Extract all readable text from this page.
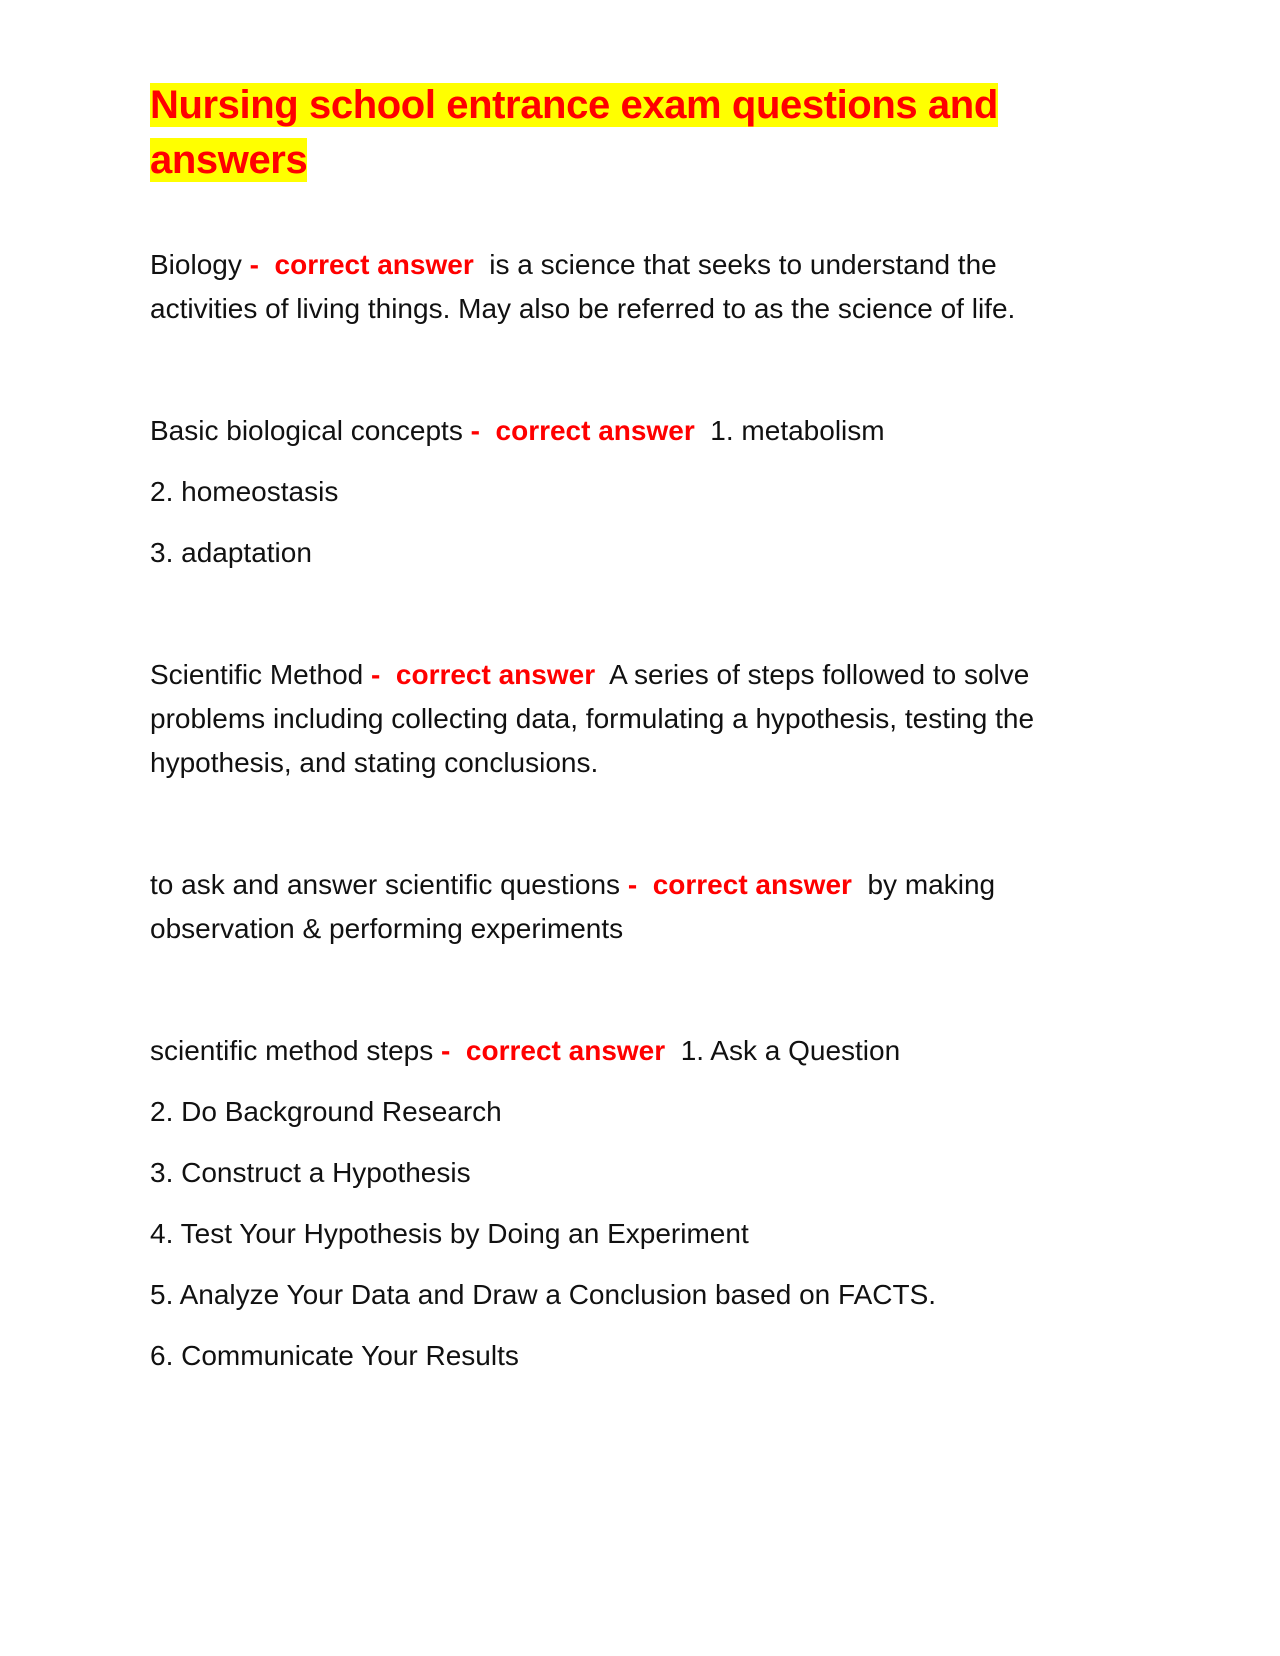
Nursing school entrance exam questions and
answers

Biology - correct answer is a science that seeks to understand the

activities of living things. May also be referred to as the science of life.

Basic biological concepts - correct answer 1. metabolism

2. homeostasis

3. adaptation

Scientific Method - correct answer A series of steps followed to solve

problems including collecting data, formulating a hypothesis, testing the

hypothesis, and stating conclusions.

to ask and answer scientific questions - correct answer by making

observation & performing experiments

scientific method steps - correct answer 1. Ask a Question

2. Do Background Research

3. Construct a Hypothesis

4. Test Your Hypothesis by Doing an Experiment

5. Analyze Your Data and Draw a Conclusion based on FACTS.

6. Communicate Your Results
